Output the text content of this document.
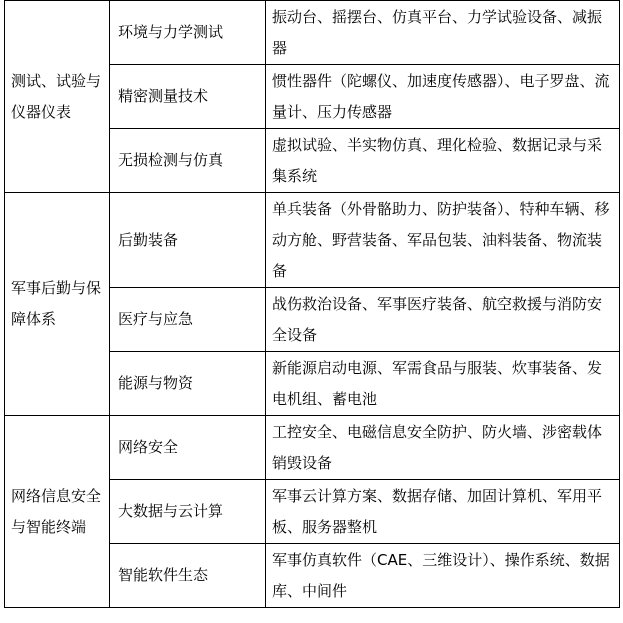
测试、试验与仪器仪表	环境与力学测试	振动台、摇摆台、仿真平台、力学试验设备、减振器
	精密测量技术	惯性器件（陀螺仪、加速度传感器）、电子罗盘、流量计、压力传感器
	无损检测与仿真	虚拟试验、半实物仿真、理化检验、数据记录与采集系统
军事后勤与保障体系	后勤装备	单兵装备（外骨骼助力、防护装备）、特种车辆、移动方舱、野营装备、军品包装、油料装备、物流装备
	医疗与应急	战伤救治设备、军事医疗装备、航空救援与消防安全设备
	能源与物资	新能源启动电源、军需食品与服装、炊事装备、发电机组、蓄电池
网络信息安全与智能终端	网络安全	工控安全、电磁信息安全防护、防火墙、涉密载体销毁设备
	大数据与云计算	军事云计算方案、数据存储、加固计算机、军用平板、服务器整机
	智能软件生态	军事仿真软件（CAE、三维设计）、操作系统、数据库、中间件
